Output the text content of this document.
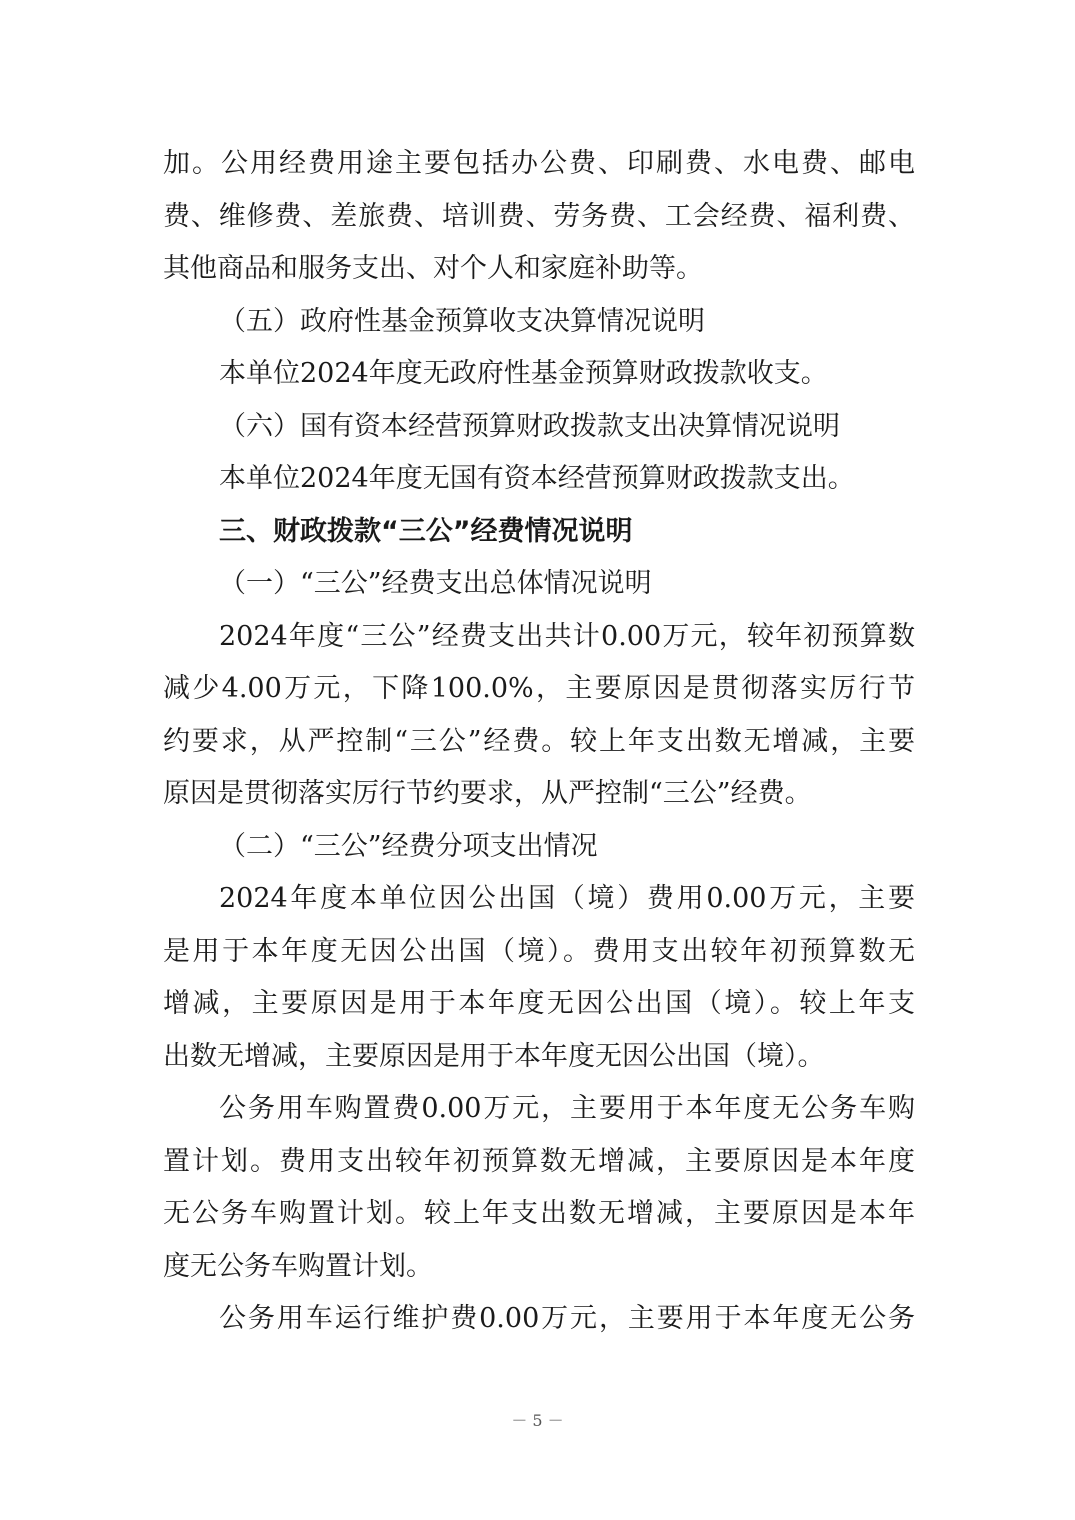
加。公用经费用途主要包括办公费、印刷费、水电费、邮电
费、维修费、差旅费、培训费、劳务费、工会经费、福利费、
其他商品和服务支出、对个人和家庭补助等。
（五）政府性基金预算收支决算情况说明
本单位2024年度无政府性基金预算财政拨款收支。
（六）国有资本经营预算财政拨款支出决算情况说明
本单位2024年度无国有资本经营预算财政拨款支出。
三、财政拨款“三公”经费情况说明
（一）“三公”经费支出总体情况说明
2024年度“三公”经费支出共计0.00万元，较年初预算数
减少4.00万元，下降100.0%，主要原因是贯彻落实厉行节
约要求，从严控制“三公”经费。较上年支出数无增减，主要
原因是贯彻落实厉行节约要求，从严控制“三公”经费。
（二）“三公”经费分项支出情况
2024年度本单位因公出国（境）费用0.00万元，主要
是用于本年度无因公出国（境）。费用支出较年初预算数无
增减，主要原因是用于本年度无因公出国（境）。较上年支
出数无增减，主要原因是用于本年度无因公出国（境）。
公务用车购置费0.00万元，主要用于本年度无公务车购
置计划。费用支出较年初预算数无增减，主要原因是本年度
无公务车购置计划。较上年支出数无增减，主要原因是本年
度无公务车购置计划。
公务用车运行维护费0.00万元，主要用于本年度无公务
－ 5 －
